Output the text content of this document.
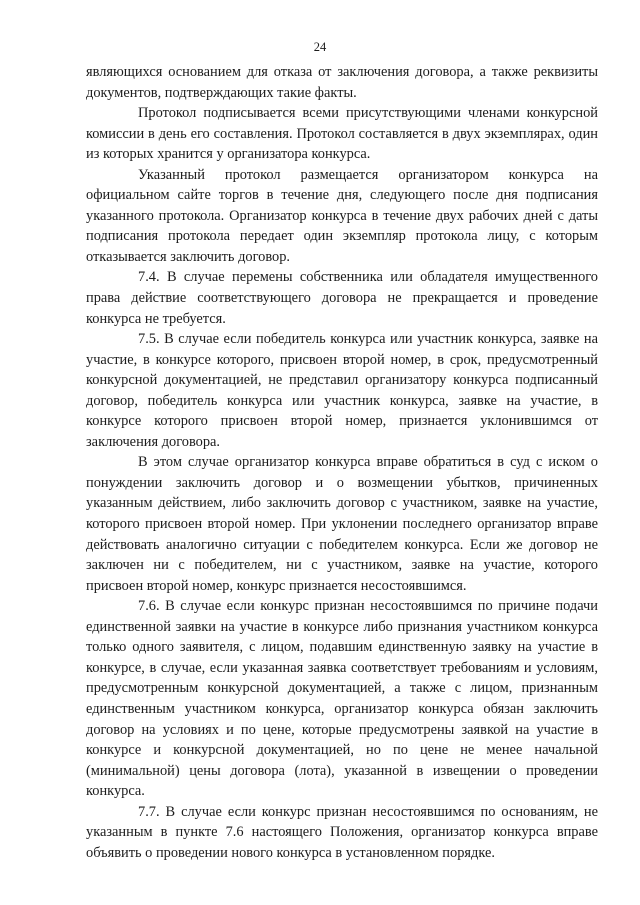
24

являющихся основанием для отказа от заключения договора, а также реквизиты документов, подтверждающих такие факты.

Протокол подписывается всеми присутствующими членами конкурсной комиссии в день его составления. Протокол составляется в двух экземплярах, один из которых хранится у организатора конкурса.

Указанный протокол размещается организатором конкурса на официальном сайте торгов в течение дня, следующего после дня подписания указанного протокола. Организатор конкурса в течение двух рабочих дней с даты подписания протокола передает один экземпляр протокола лицу, с которым отказывается заключить договор.

7.4. В случае перемены собственника или обладателя имущественного права действие соответствующего договора не прекращается и проведение конкурса не требуется.

7.5. В случае если победитель конкурса или участник конкурса, заявке на участие, в конкурсе которого, присвоен второй номер, в срок, предусмотренный конкурсной документацией, не представил организатору конкурса подписанный договор, победитель конкурса или участник конкурса, заявке на участие, в конкурсе которого присвоен второй номер, признается уклонившимся от заключения договора.

В этом случае организатор конкурса вправе обратиться в суд с иском о понуждении заключить договор и о возмещении убытков, причиненных указанным действием, либо заключить договор с участником, заявке на участие, которого присвоен второй номер. При уклонении последнего организатор вправе действовать аналогично ситуации с победителем конкурса. Если же договор не заключен ни с победителем, ни с участником, заявке на участие, которого присвоен второй номер, конкурс признается несостоявшимся.

7.6. В случае если конкурс признан несостоявшимся по причине подачи единственной заявки на участие в конкурсе либо признания участником конкурса только одного заявителя, с лицом, подавшим единственную заявку на участие в конкурсе, в случае, если указанная заявка соответствует требованиям и условиям, предусмотренным конкурсной документацией, а также с лицом, признанным единственным участником конкурса, организатор конкурса обязан заключить договор на условиях и по цене, которые предусмотрены заявкой на участие в конкурсе и конкурсной документацией, но по цене не менее начальной (минимальной) цены договора (лота), указанной в извещении о проведении конкурса.

7.7. В случае если конкурс признан несостоявшимся по основаниям, не указанным в пункте 7.6 настоящего Положения, организатор конкурса вправе объявить о проведении нового конкурса в установленном порядке.
